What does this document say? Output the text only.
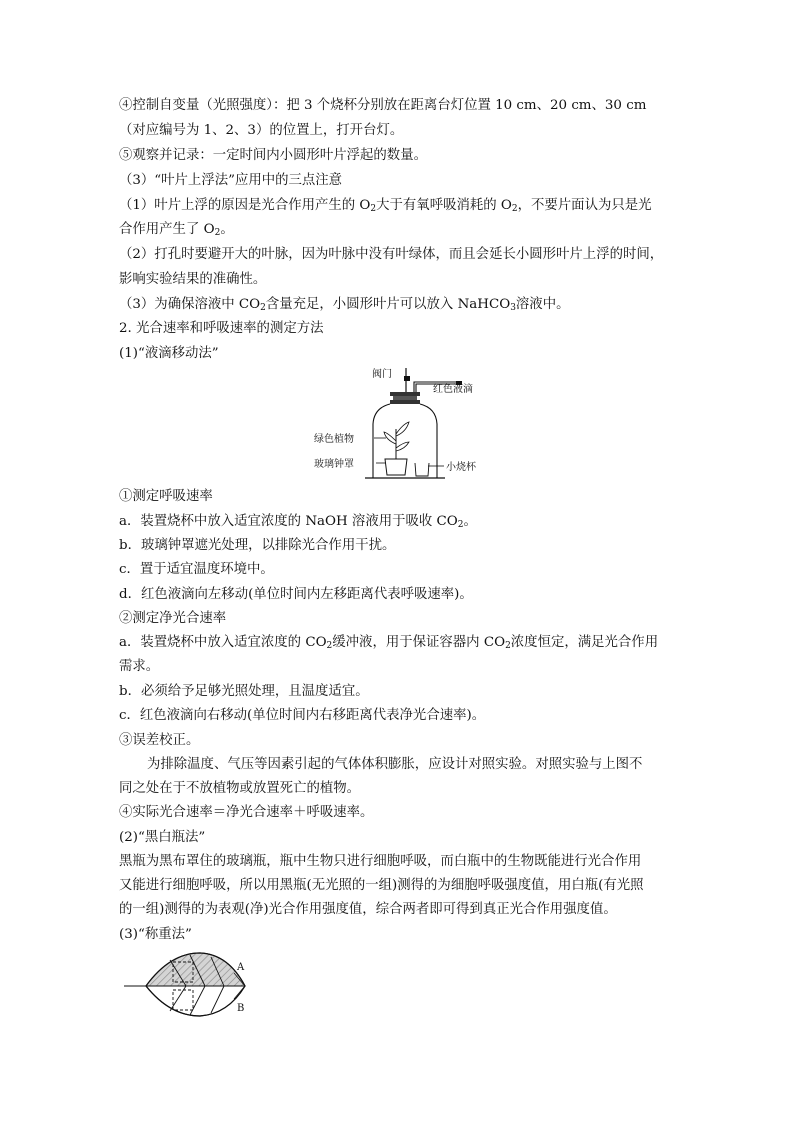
④控制自变量（光照强度）：把 3 个烧杯分别放在距离台灯位置 10 cm、20 cm、30 cm
（对应编号为 1、2、3）的位置上，打开台灯。
⑤观察并记录：一定时间内小圆形叶片浮起的数量。
（3）“叶片上浮法”应用中的三点注意
（1）叶片上浮的原因是光合作用产生的 $O_2$大于有氧呼吸消耗的 $O_2$，不要片面认为只是光
合作用产生了 $O_2$。
（2）打孔时要避开大的叶脉，因为叶脉中没有叶绿体，而且会延长小圆形叶片上浮的时间，
影响实验结果的准确性。
（3）为确保溶液中 $CO_2$含量充足，小圆形叶片可以放入 NaHCO$_3$溶液中。
2. 光合速率和呼吸速率的测定方法
(1)“液滴移动法”
阀门
红色液滴
绿色植物
玻璃钟罩	小烧杯
①测定呼吸速率
a．装置烧杯中放入适宜浓度的 NaOH 溶液用于吸收 $CO_2$。
b．玻璃钟罩遮光处理，以排除光合作用干扰。
c．置于适宜温度环境中。
d．红色液滴向左移动(单位时间内左移距离代表呼吸速率)。
②测定净光合速率
a．装置烧杯中放入适宜浓度的 $CO_2$缓冲液，用于保证容器内 $CO_2$浓度恒定，满足光合作用
需求。
b．必须给予足够光照处理，且温度适宜。
c．红色液滴向右移动(单位时间内右移距离代表净光合速率)。
③误差校正。
为排除温度、气压等因素引起的气体体积膨胀，应设计对照实验。对照实验与上图不
同之处在于不放植物或放置死亡的植物。
④实际光合速率＝净光合速率＋呼吸速率。
(2)“黑白瓶法”
黑瓶为黑布罩住的玻璃瓶，瓶中生物只进行细胞呼吸，而白瓶中的生物既能进行光合作用
又能进行细胞呼吸，所以用黑瓶(无光照的一组)测得的为细胞呼吸强度值，用白瓶(有光照
的一组)测得的为表观(净)光合作用强度值，综合两者即可得到真正光合作用强度值。
(3)“称重法”
A
B
